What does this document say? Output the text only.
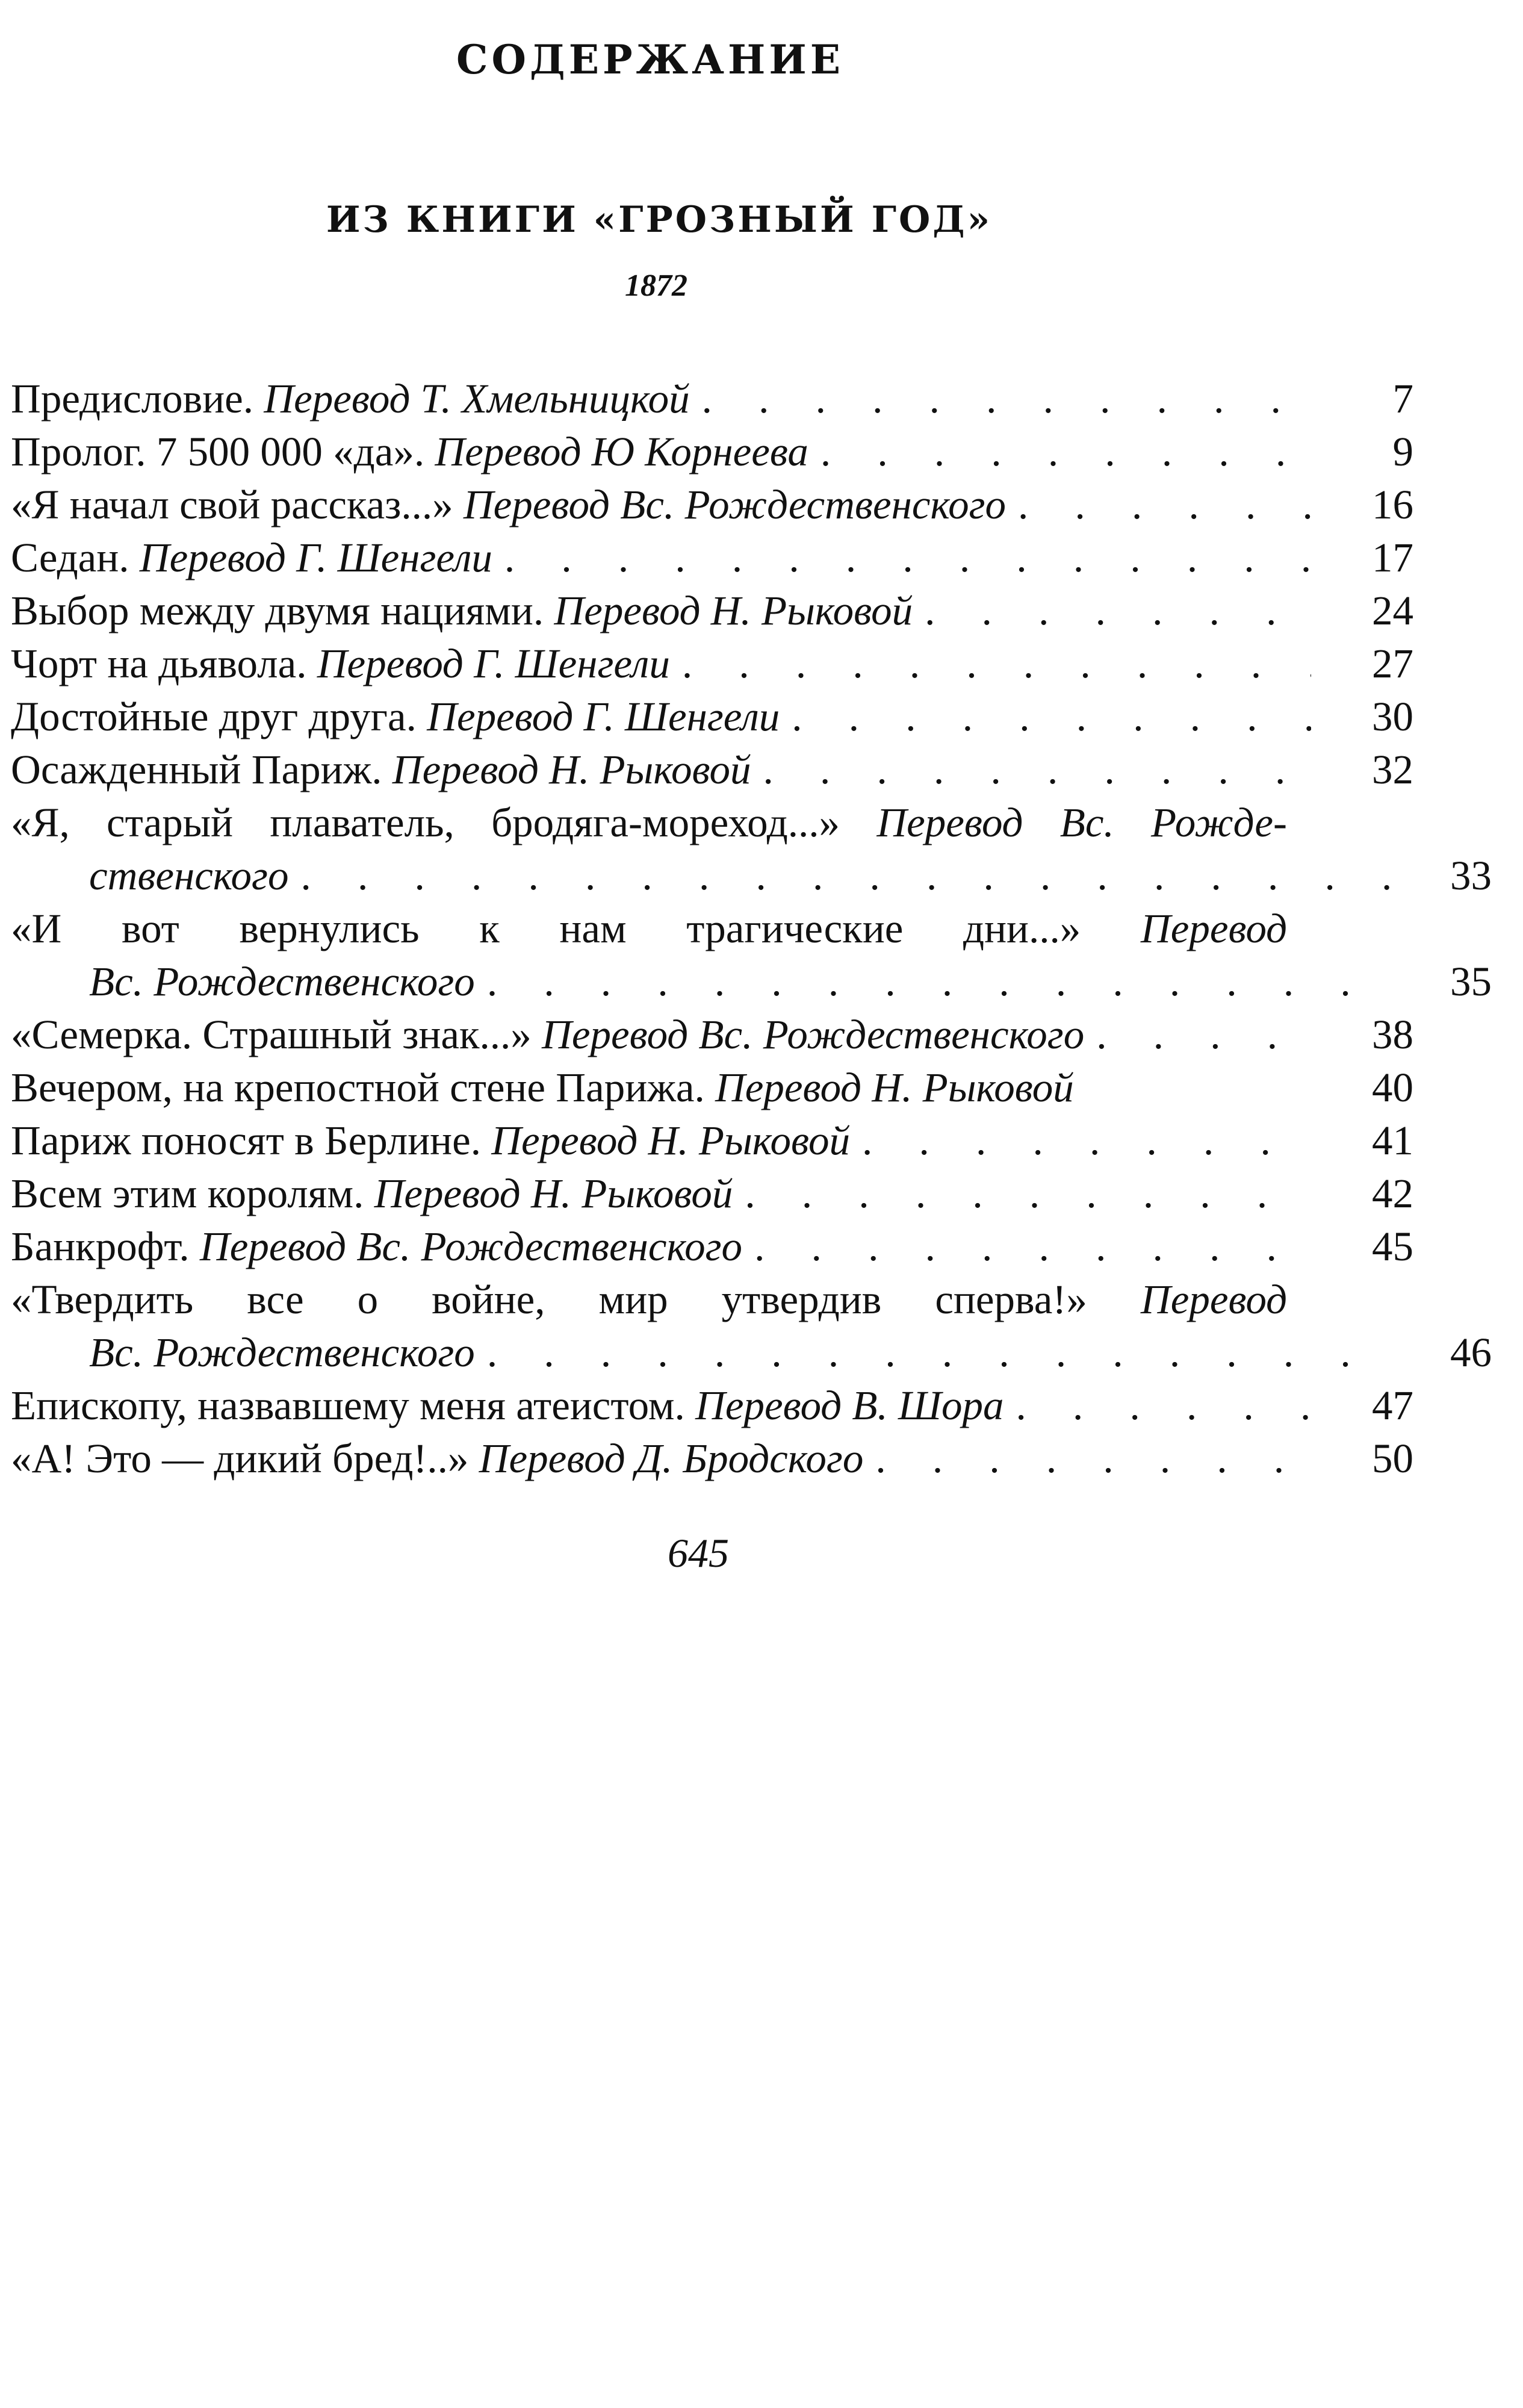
СОДЕРЖАНИЕ
ИЗ КНИГИ «ГРОЗНЫЙ ГОД»
1872
Предисловие. Перевод Т. Хмельницкой . . .	7
Пролог. 7 500 000 «да». Перевод Ю Корнеева . . .	9
«Я начал свой рассказ...» Перевод Вс. Рождественского . . .	16
Седан. Перевод Г. Шенгели . . .	17
Выбор между двумя нациями. Перевод Н. Рыковой . . .	24
Чорт на дьявола. Перевод Г. Шенгели . . .	27
Достойные друг друга. Перевод Г. Шенгели . . .	30
Осажденный Париж. Перевод Н. Рыковой . . .	32
«Я, старый плаватель, бродяга-мореход...» Перевод Вс. Рожде-
ственского . . .	33
«И вот вернулись к нам трагические дни...» Перевод
Вс. Рождественского . . .	35
«Семерка. Страшный знак...» Перевод Вс. Рождественского . . .	38
Вечером, на крепостной стене Парижа. Перевод Н. Рыковой	40
Париж поносят в Берлине. Перевод Н. Рыковой . . .	41
Всем этим королям. Перевод Н. Рыковой . . .	42
Банкрофт. Перевод Вс. Рождественского . . .	45
«Твердить все о войне, мир утвердив сперва!» Перевод
Вс. Рождественского . . .	46
Епископу, назвавшему меня атеистом. Перевод В. Шора . . .	47
«А! Это — дикий бред!..» Перевод Д. Бродского . . .	50
645
